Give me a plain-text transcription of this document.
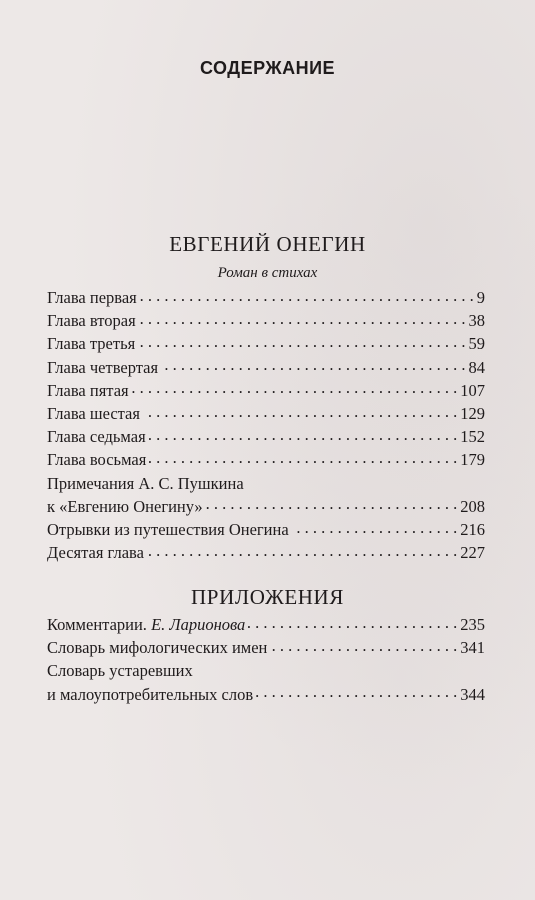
СОДЕРЖАНИЕ
ЕВГЕНИЙ ОНЕГИН
Роман в стихах
Глава первая . . .	9
Глава вторая . . .	38
Глава третья . . .	59
Глава четвертая . . .	84
Глава пятая . . .	107
Глава шестая . . .	129
Глава седьмая . . .	152
Глава восьмая . . .	179
Примечания А. С. Пушкина
к «Евгению Онегину» . . .	208
Отрывки из путешествия Онегина . . .	216
Десятая глава . . .	227
ПРИЛОЖЕНИЯ
Комментарии. Е. Ларионова . . .	235
Словарь мифологических имен . . .	341
Словарь устаревших
и малоупотребительных слов . . .	344
